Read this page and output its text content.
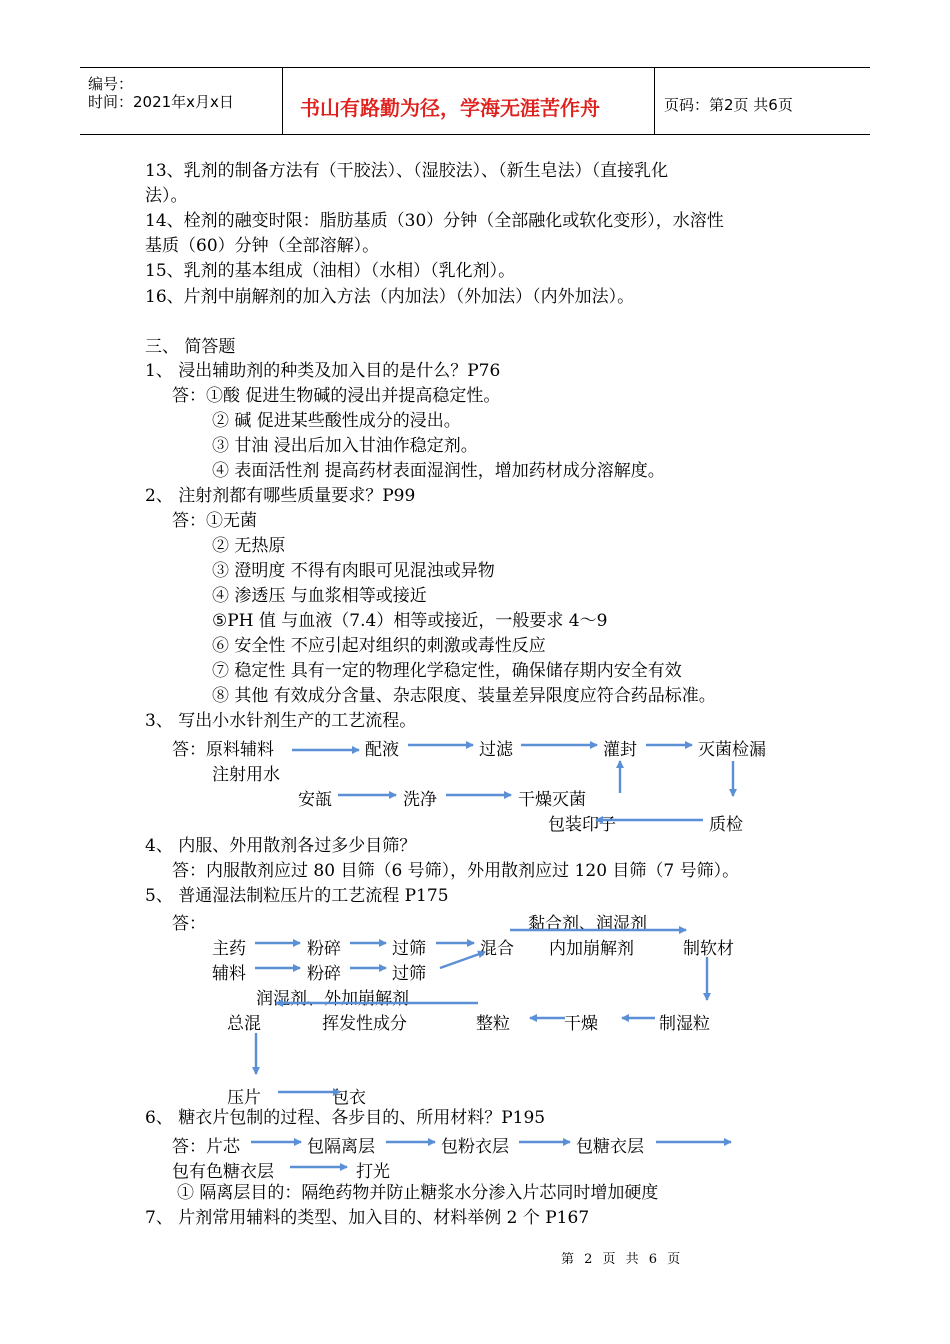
编号：
时间：2021年x月x日	书山有路勤为径，学海无涯苦作舟	页码：第2页 共6页
13、乳剂的制备方法有（干胶法）、（湿胶法）、（新生皂法）（直接乳化
法）。
14、栓剂的融变时限：脂肪基质（30）分钟（全部融化或软化变形），水溶性
基质（60）分钟（全部溶解）。
15、乳剂的基本组成（油相）（水相）（乳化剂）。
16、片剂中崩解剂的加入方法（内加法）（外加法）（内外加法）。
三、 简答题
1、 浸出辅助剂的种类及加入目的是什么？P76
答：①酸 促进生物碱的浸出并提高稳定性。
② 碱 促进某些酸性成分的浸出。
③ 甘油 浸出后加入甘油作稳定剂。
④ 表面活性剂 提高药材表面湿润性，增加药材成分溶解度。
2、 注射剂都有哪些质量要求？P99
答：①无菌
② 无热原
③ 澄明度 不得有肉眼可见混浊或异物
④ 渗透压 与血浆相等或接近
⑤PH 值 与血液（7.4）相等或接近，一般要求 4～9
⑥ 安全性 不应引起对组织的刺激或毒性反应
⑦ 稳定性 具有一定的物理化学稳定性，确保储存期内安全有效
⑧ 其他 有效成分含量、杂志限度、装量差异限度应符合药品标准。
3、 写出小水针剂生产的工艺流程。
答：原料辅料
注射用水
配液	过滤	灌封	灭菌检漏
安瓿	洗净	干燥灭菌
质检
包装印子
4、 内服、外用散剂各过多少目筛？
答：内服散剂应过 80 目筛（6 号筛），外用散剂应过 120 目筛（7 号筛）。
5、 普通湿法制粒压片的工艺流程 P175
答：	黏合剂、润湿剂
主药	粉碎	过筛	混合 内加崩解剂	制软材
辅料	粉碎	过筛
润湿剂、外加崩解剂
总混	挥发性成分	整粒	干燥	制湿粒
压片	包衣
6、 糖衣片包制的过程、各步目的、所用材料？P195
答：片芯	包隔离层	包粉衣层	包糖衣层
包有色糖衣层	打光
① 隔离层目的：隔绝药物并防止糖浆水分渗入片芯同时增加硬度
7、 片剂常用辅料的类型、加入目的、材料举例 2 个 P167
第 2 页 共 6 页
